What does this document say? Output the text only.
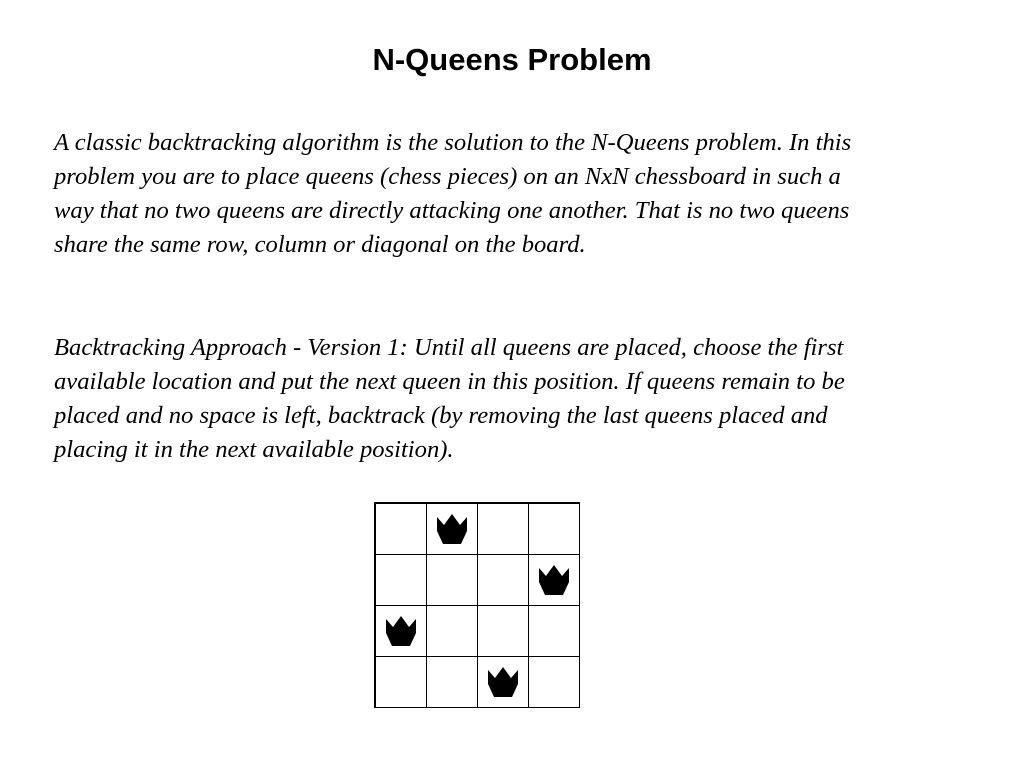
N-Queens Problem

A classic backtracking algorithm is the solution to the N-Queens problem. In this
problem you are to place queens (chess pieces) on an NxN chessboard in such a
way that no two queens are directly attacking one another. That is no two queens
share the same row, column or diagonal on the board.

Backtracking Approach - Version 1: Until all queens are placed, choose the first
available location and put the next queen in this position. If queens remain to be
placed and no space is left, backtrack (by removing the last queens placed and
placing it in the next available position).
